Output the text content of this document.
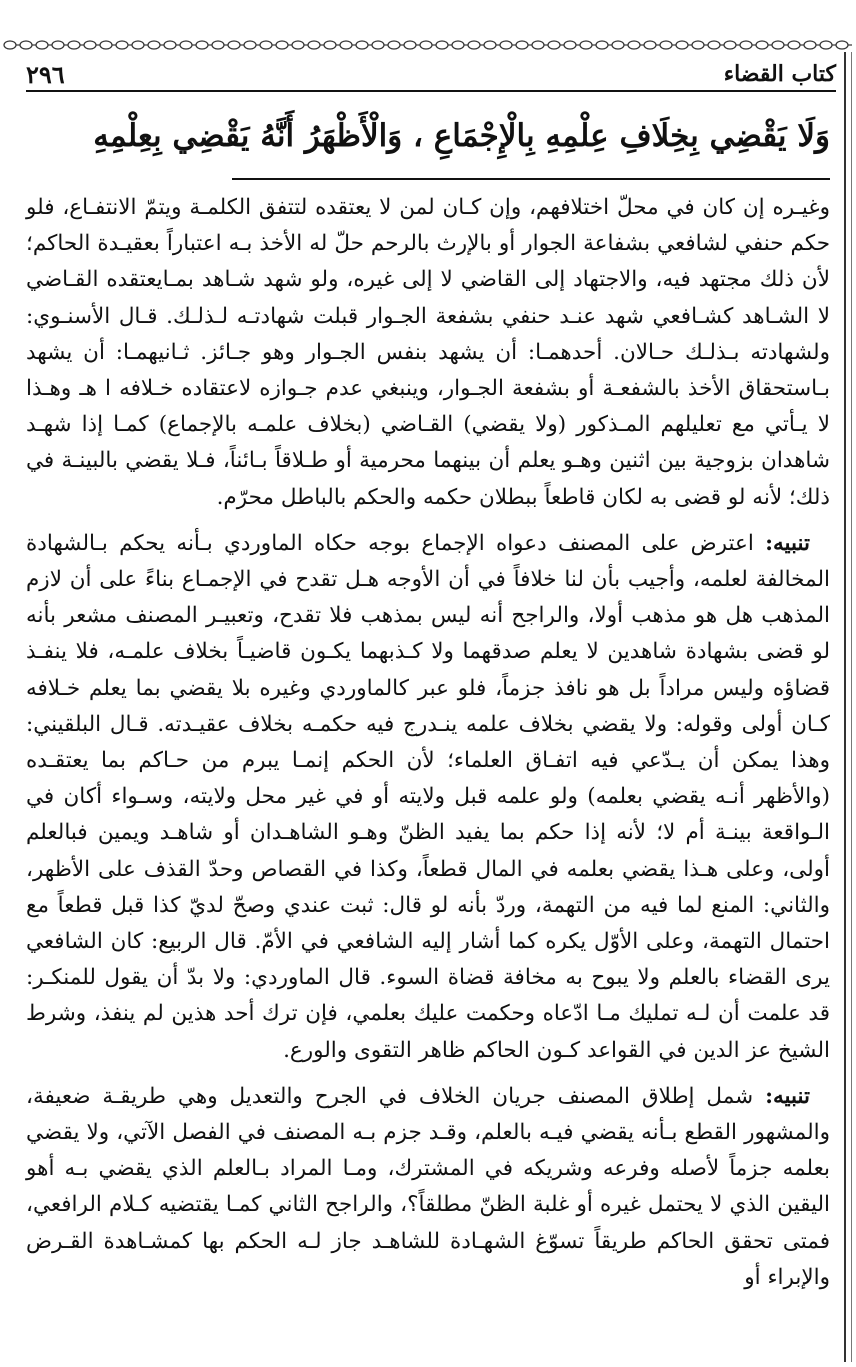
كتاب القضاء
٢٩٦
وَلَا يَقْضِي بِخِلَافِ عِلْمِهِ بِالْإِجْمَاعِ ، وَالْأَظْهَرُ أَنَّهُ يَقْضِي بِعِلْمِهِ

وغيـره إن كان في محلّ اختلافهم، وإن كـان لمن لا يعتقده لتتفق الكلمـة ويتمّ الانتفـاع، فلو حكم حنفي لشافعي بشفاعة الجوار أو بالإرث بالرحم حلّ له الأخذ بـه اعتباراً بعقيـدة الحاكم؛ لأن ذلك مجتهد فيه، والاجتهاد إلى القاضي لا إلى غيره، ولو شهد شـاهد بمـايعتقده القـاضي لا الشـاهد كشـافعي شهد عنـد حنفي بشفعة الجـوار قبلت شهادتـه لـذلـك. قـال الأسنـوي: ولشهادته بـذلـك حـالان. أحدهمـا: أن يشهد بنفس الجـوار وهو جـائز. ثـانيهمـا: أن يشهد بـاستحقاق الأخذ بالشفعـة أو بشفعة الجـوار، وينبغي عدم جـوازه لاعتقاده خـلافه ا هـ وهـذا لا يـأتي مع تعليلهم المـذكور (ولا يقضي) القـاضي (بخلاف علمـه بالإجماع) كمـا إذا شهـد شاهدان بزوجية بين اثنين وهـو يعلم أن بينهما محرمية أو طـلاقاً بـائناً، فـلا يقضي بالبينـة في ذلك؛ لأنه لو قضى به لكان قاطعاً ببطلان حكمه والحكم بالباطل محرّم.

تنبيه: اعترض على المصنف دعواه الإجماع بوجه حكاه الماوردي بـأنه يحكم بـالشهادة المخالفة لعلمه، وأجيب بأن لنا خلافاً في أن الأوجه هـل تقدح في الإجمـاع بناءً على أن لازم المذهب هل هو مذهب أولا، والراجح أنه ليس بمذهب فلا تقدح، وتعبيـر المصنف مشعر بأنه لو قضى بشهادة شاهدين لا يعلم صدقهما ولا كـذبهما يكـون قاضيـاً بخلاف علمـه، فلا ينفـذ قضاؤه وليس مراداً بل هو نافذ جزماً، فلو عبر كالماوردي وغيره بلا يقضي بما يعلم خـلافه كـان أولى وقوله: ولا يقضي بخلاف علمه ينـدرج فيه حكمـه بخلاف عقيـدته. قـال البلقيني: وهذا يمكن أن يـدّعي فيه اتفـاق العلماء؛ لأن الحكم إنمـا يبرم من حـاكم بما يعتقـده (والأظهر أنـه يقضي بعلمه) ولو علمه قبل ولايته أو في غير محل ولايته، وسـواء أكان في الـواقعة بينـة أم لا؛ لأنه إذا حكم بما يفيد الظنّ وهـو الشاهـدان أو شاهـد ويمين فبالعلم أولى، وعلى هـذا يقضي بعلمه في المال قطعاً، وكذا في القصاص وحدّ القذف على الأظهر، والثاني: المنع لما فيه من التهمة، وردّ بأنه لو قال: ثبت عندي وصحّ لديّ كذا قبل قطعاً مع احتمال التهمة، وعلى الأوّل يكره كما أشار إليه الشافعي في الأمّ. قال الربيع: كان الشافعي يرى القضاء بالعلم ولا يبوح به مخافة قضاة السوء. قال الماوردي: ولا بدّ أن يقول للمنكـر: قد علمت أن لـه تمليك مـا ادّعاه وحكمت عليك بعلمي، فإن ترك أحد هذين لم ينفذ، وشرط الشيخ عز الدين في القواعد كـون الحاكم ظاهر التقوى والورع.

تنبيه: شمل إطلاق المصنف جريان الخلاف في الجرح والتعديل وهي طريقـة ضعيفة، والمشهور القطع بـأنه يقضي فيـه بالعلم، وقـد جزم بـه المصنف في الفصل الآتي، ولا يقضي بعلمه جزماً لأصله وفرعه وشريكه في المشترك، ومـا المراد بـالعلم الذي يقضي بـه أهو اليقين الذي لا يحتمل غيره أو غلبة الظنّ مطلقاً؟، والراجح الثاني كمـا يقتضيه كـلام الرافعي، فمتى تحقق الحاكم طريقاً تسوّغ الشهـادة للشاهـد جاز لـه الحكم بها كمشـاهدة القـرض والإبراء أو
